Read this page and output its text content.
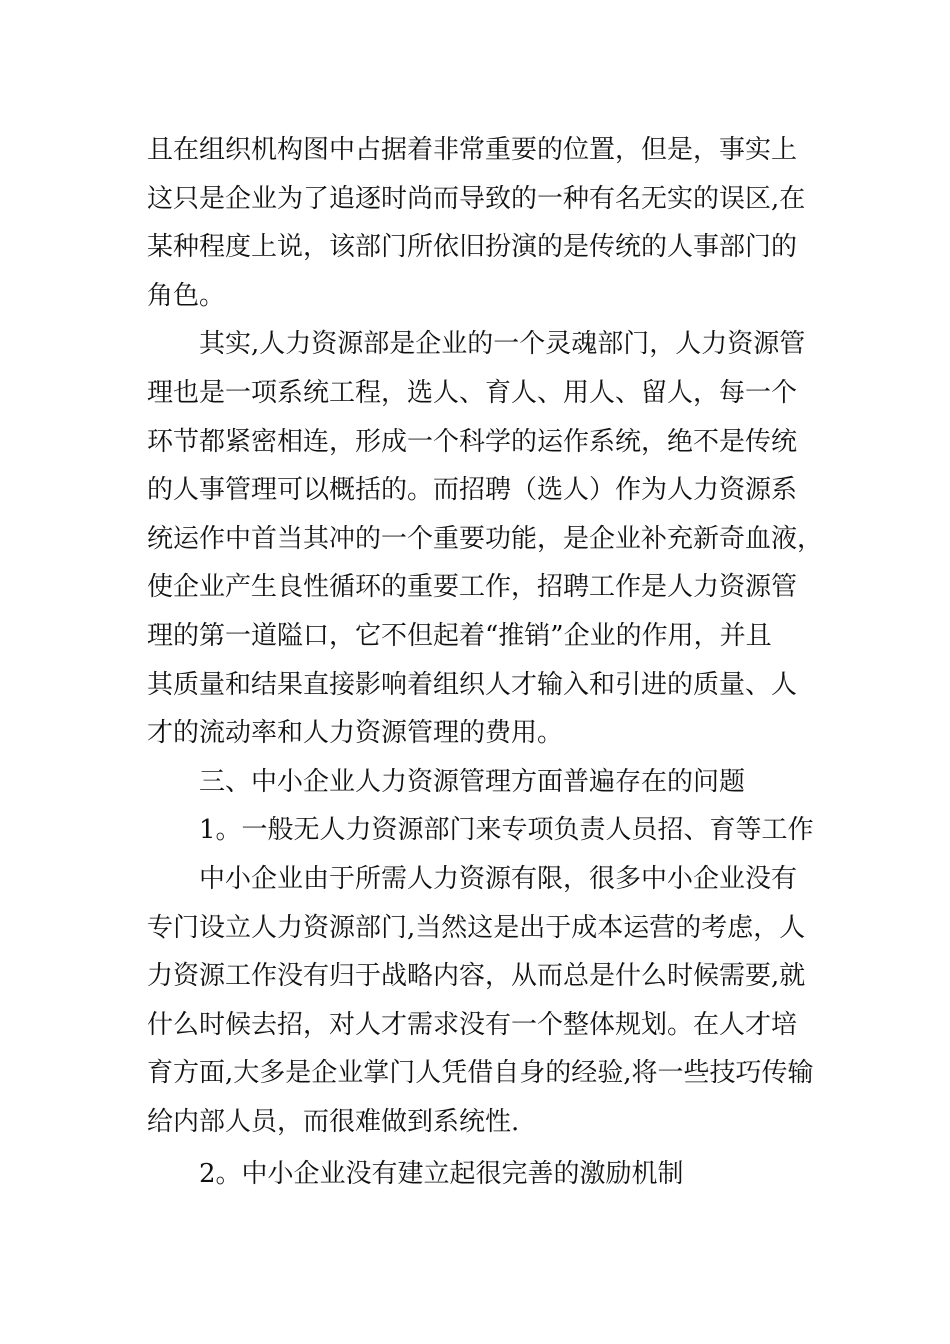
且在组织机构图中占据着非常重要的位置，但是，事实上
这只是企业为了追逐时尚而导致的一种有名无实的误区,在
某种程度上说，该部门所依旧扮演的是传统的人事部门的
角色。
其实,人力资源部是企业的一个灵魂部门，人力资源管
理也是一项系统工程，选人、育人、用人、留人，每一个
环节都紧密相连，形成一个科学的运作系统，绝不是传统
的人事管理可以概括的。而招聘（选人）作为人力资源系
统运作中首当其冲的一个重要功能，是企业补充新奇血液，
使企业产生良性循环的重要工作，招聘工作是人力资源管
理的第一道隘口，它不但起着“推销”企业的作用，并且
其质量和结果直接影响着组织人才输入和引进的质量、人
才的流动率和人力资源管理的费用。
三、中小企业人力资源管理方面普遍存在的问题
1。一般无人力资源部门来专项负责人员招、育等工作
中小企业由于所需人力资源有限，很多中小企业没有
专门设立人力资源部门,当然这是出于成本运营的考虑，人
力资源工作没有归于战略内容，从而总是什么时候需要,就
什么时候去招，对人才需求没有一个整体规划。在人才培
育方面,大多是企业掌门人凭借自身的经验,将一些技巧传输
给内部人员，而很难做到系统性.
2。中小企业没有建立起很完善的激励机制
